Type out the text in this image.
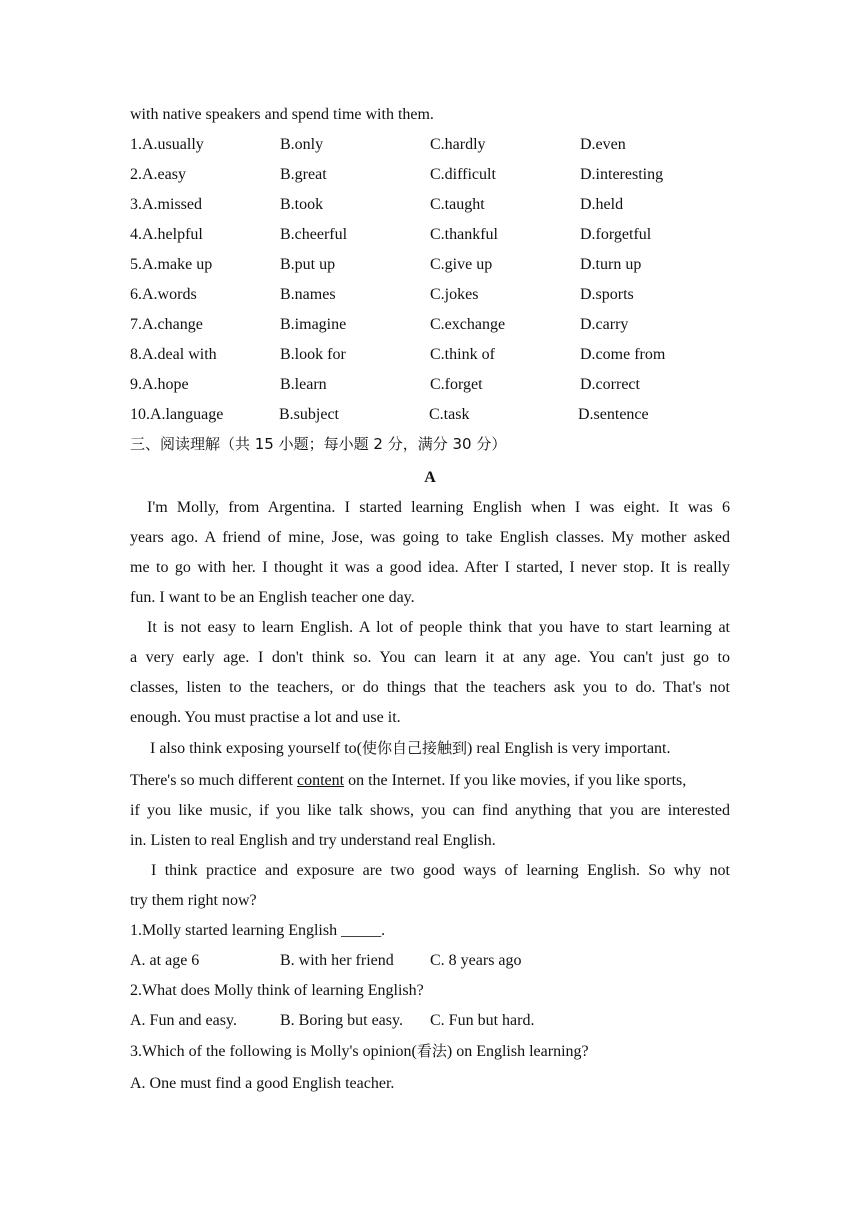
with native speakers and spend time with them.
1.A.usually	B.only	C.hardly	D.even
2.A.easy	B.great	C.difficult	D.interesting
3.A.missed	B.took	C.taught	D.held
4.A.helpful	B.cheerful	C.thankful	D.forgetful
5.A.make up	B.put up	C.give up	D.turn up
6.A.words	B.names	C.jokes	D.sports
7.A.change	B.imagine	C.exchange	D.carry
8.A.deal with	B.look for	C.think of	D.come from
9.A.hope	B.learn	C.forget	D.correct
10.A.language	B.subject	C.task	D.sentence
三、阅读理解（共 15 小题；每小题 2 分，满分 30 分）
A
I'm Molly, from Argentina. I started learning English when I was eight. It was 6
years ago. A friend of mine, Jose, was going to take English classes. My mother asked
me to go with her. I thought it was a good idea. After I started, I never stop. It is really
fun. I want to be an English teacher one day.
It is not easy to learn English. A lot of people think that you have to start learning at
a very early age. I don't think so. You can learn it at any age. You can't just go to
classes, listen to the teachers, or do things that the teachers ask you to do. That's not
enough. You must practise a lot and use it.
I also think exposing yourself to(使你自己接触到) real English is very important.
There's so much different content on the Internet. If you like movies, if you like sports,
if you like music, if you like talk shows, you can find anything that you are interested
in. Listen to real English and try understand real English.
I think practice and exposure are two good ways of learning English. So why not
try them right now?
1.Molly started learning English _____.
A. at age 6	B. with her friend C. 8 years ago
2.What does Molly think of learning English?
A. Fun and easy.	B. Boring but easy. C. Fun but hard.
3.Which of the following is Molly's opinion(看法) on English learning?
A. One must find a good English teacher.
